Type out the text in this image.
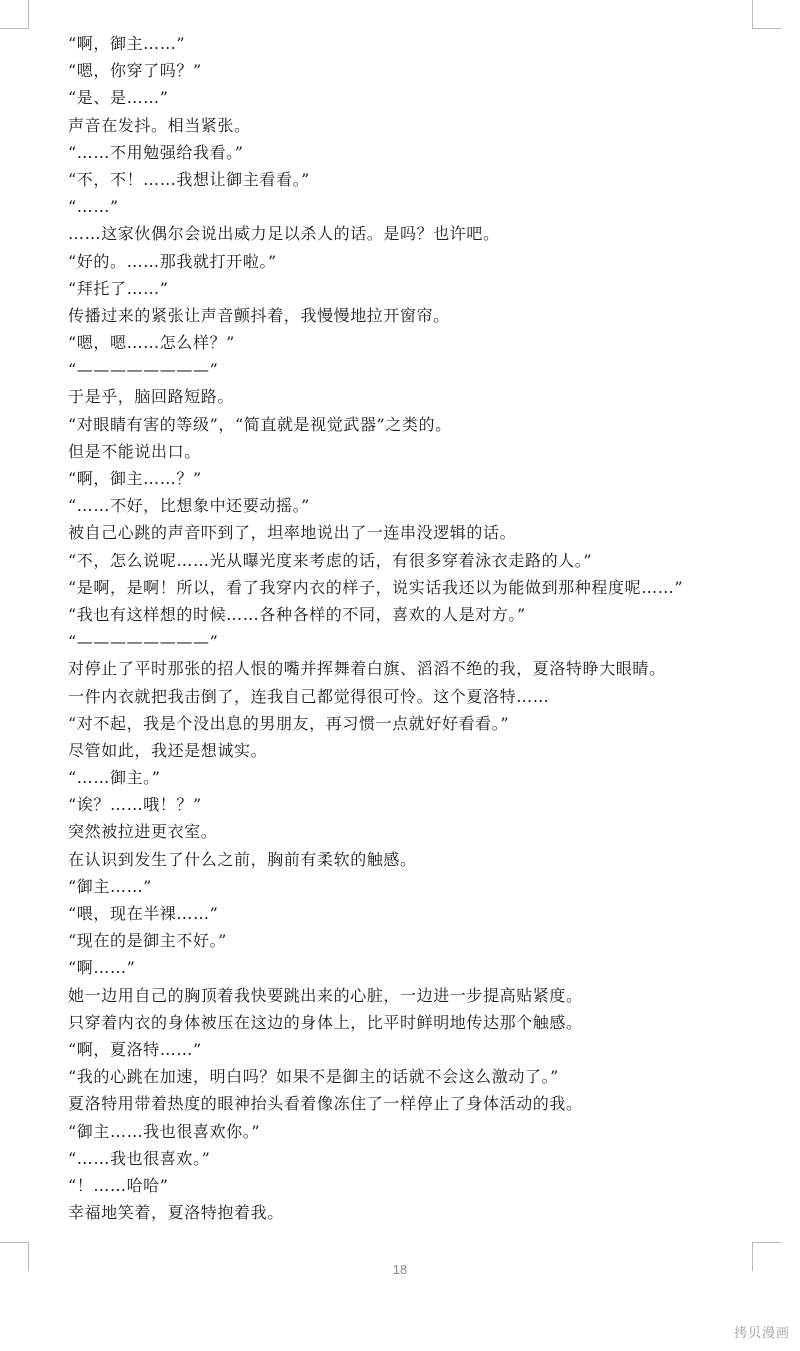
“啊，御主……”
“嗯，你穿了吗？”
“是、是……”
声音在发抖。相当紧张。
“……不用勉强给我看。”
“不，不！……我想让御主看看。”
“……”
……这家伙偶尔会说出威力足以杀人的话。是吗？也许吧。
“好的。……那我就打开啦。”
“拜托了……”
传播过来的紧张让声音颤抖着，我慢慢地拉开窗帘。
“嗯，嗯……怎么样？”
“————————”
于是乎，脑回路短路。
“对眼睛有害的等级”，“简直就是视觉武器”之类的。
但是不能说出口。
“啊，御主……？”
“……不好，比想象中还要动摇。”
被自己心跳的声音吓到了，坦率地说出了一连串没逻辑的话。
“不，怎么说呢……光从曝光度来考虑的话，有很多穿着泳衣走路的人。”
“是啊，是啊！所以，看了我穿内衣的样子，说实话我还以为能做到那种程度呢……”
“我也有这样想的时候……各种各样的不同，喜欢的人是对方。”
“————————”
对停止了平时那张的招人恨的嘴并挥舞着白旗、滔滔不绝的我，夏洛特睁大眼睛。
一件内衣就把我击倒了，连我自己都觉得很可怜。这个夏洛特……
“对不起，我是个没出息的男朋友，再习惯一点就好好看看。”
尽管如此，我还是想诚实。
“……御主。”
“诶？……哦！？”
突然被拉进更衣室。
在认识到发生了什么之前，胸前有柔软的触感。
“御主……”
“喂，现在半裸……”
“现在的是御主不好。”
“啊……”
她一边用自己的胸顶着我快要跳出来的心脏，一边进一步提高贴紧度。
只穿着内衣的身体被压在这边的身体上，比平时鲜明地传达那个触感。
“啊，夏洛特……”
“我的心跳在加速，明白吗？如果不是御主的话就不会这么激动了。”
夏洛特用带着热度的眼神抬头看着像冻住了一样停止了身体活动的我。
“御主……我也很喜欢你。”
“……我也很喜欢。”
“！……哈哈”
幸福地笑着，夏洛特抱着我。
18
拷贝漫画
